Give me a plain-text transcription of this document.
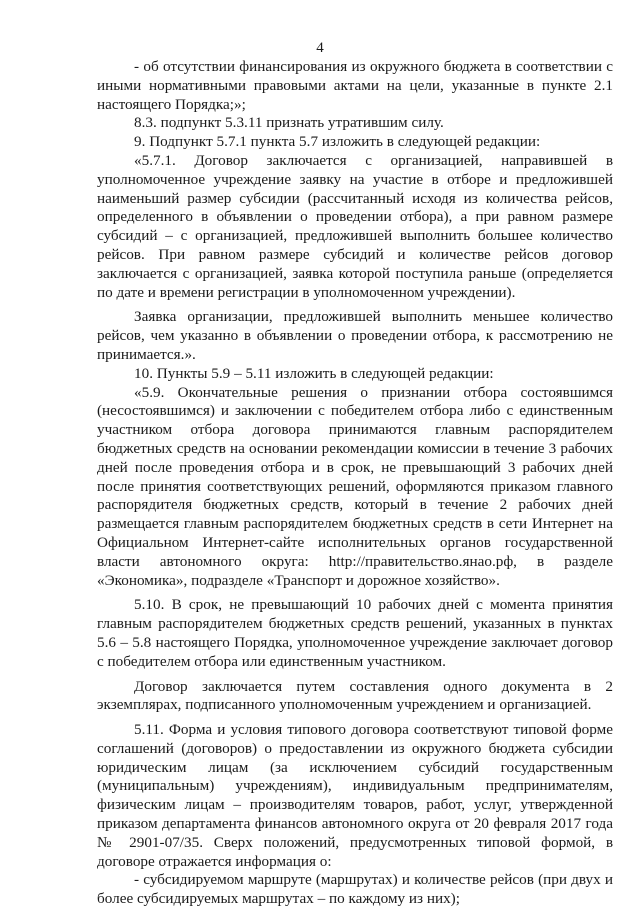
4

- об отсутствии финансирования из окружного бюджета в соответствии с иными нормативными правовыми актами на цели, указанные в пункте 2.1 настоящего Порядка;»;

8.3. подпункт 5.3.11 признать утратившим силу.

9. Подпункт 5.7.1 пункта 5.7 изложить в следующей редакции:

«5.7.1. Договор заключается с организацией, направившей в уполномоченное учреждение заявку на участие в отборе и предложившей наименьший размер субсидии (рассчитанный исходя из количества рейсов, определенного в объявлении о проведении отбора), а при равном размере субсидий – с организацией, предложившей выполнить большее количество рейсов. При равном размере субсидий и количестве рейсов договор заключается с организацией, заявка которой поступила раньше (определяется по дате и времени регистрации в уполномоченном учреждении).

Заявка организации, предложившей выполнить меньшее количество рейсов, чем указанно в объявлении о проведении отбора, к рассмотрению не принимается.».

10. Пункты 5.9 – 5.11 изложить в следующей редакции:

«5.9. Окончательные решения о признании отбора состоявшимся (несостоявшимся) и заключении с победителем отбора либо с единственным участником отбора договора принимаются главным распорядителем бюджетных средств на основании рекомендации комиссии в течение 3 рабочих дней после проведения отбора и в срок, не превышающий 3 рабочих дней после принятия соответствующих решений, оформляются приказом главного распорядителя бюджетных средств, который в течение 2 рабочих дней размещается главным распорядителем бюджетных средств в сети Интернет на Официальном Интернет-сайте исполнительных органов государственной власти автономного округа: http://правительство.янао.рф, в разделе «Экономика», подразделе «Транспорт и дорожное хозяйство».

5.10. В срок, не превышающий 10 рабочих дней с момента принятия главным распорядителем бюджетных средств решений, указанных в пунктах 5.6 – 5.8 настоящего Порядка, уполномоченное учреждение заключает договор с победителем отбора или единственным участником.

Договор заключается путем составления одного документа в 2 экземплярах, подписанного уполномоченным учреждением и организацией.

5.11. Форма и условия типового договора соответствуют типовой форме соглашений (договоров) о предоставлении из окружного бюджета субсидии юридическим лицам (за исключением субсидий государственным (муниципальным) учреждениям), индивидуальным предпринимателям, физическим лицам – производителям товаров, работ, услуг, утвержденной приказом департамента финансов автономного округа от 20 февраля 2017 года № 2901-07/35. Сверх положений, предусмотренных типовой формой, в договоре отражается информация о:

- субсидируемом маршруте (маршрутах) и количестве рейсов (при двух и более субсидируемых маршрутах – по каждому из них);
